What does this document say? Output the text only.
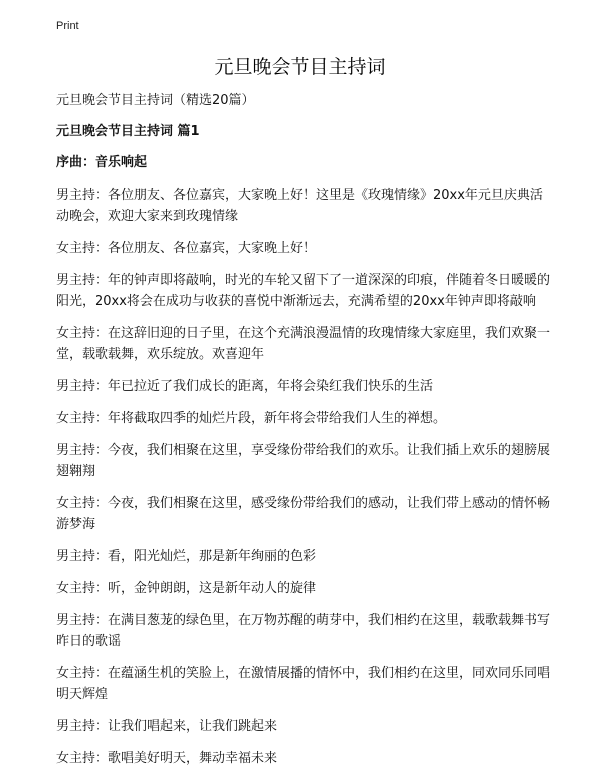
Print
元旦晚会节目主持词

元旦晚会节目主持词（精选20篇）

元旦晚会节目主持词 篇1

序曲：音乐响起

男主持：各位朋友、各位嘉宾，大家晚上好！这里是《玫瑰情缘》20xx年元旦庆典活动晚会，欢迎大家来到玫瑰情缘

女主持：各位朋友、各位嘉宾，大家晚上好！

男主持：年的钟声即将敲响，时光的车轮又留下了一道深深的印痕，伴随着冬日暖暖的阳光，20xx将会在成功与收获的喜悦中渐渐远去，充满希望的20xx年钟声即将敲响

女主持：在这辞旧迎的日子里，在这个充满浪漫温情的玫瑰情缘大家庭里，我们欢聚一堂，载歌载舞，欢乐绽放。欢喜迎年

男主持：年已拉近了我们成长的距离，年将会染红我们快乐的生活

女主持：年将截取四季的灿烂片段，新年将会带给我们人生的禅想。

男主持：今夜，我们相聚在这里，享受缘份带给我们的欢乐。让我们插上欢乐的翅膀展翅翱翔

女主持：今夜，我们相聚在这里，感受缘份带给我们的感动，让我们带上感动的情怀畅游梦海

男主持：看，阳光灿烂，那是新年绚丽的色彩

女主持：听，金钟朗朗，这是新年动人的旋律

男主持：在满目葱茏的绿色里，在万物苏醒的萌芽中，我们相约在这里，载歌载舞书写昨日的歌谣

女主持：在蕴涵生机的笑脸上，在激情展播的情怀中，我们相约在这里，同欢同乐同唱明天辉煌

男主持：让我们唱起来，让我们跳起来

女主持：歌唱美好明天，舞动幸福未来
